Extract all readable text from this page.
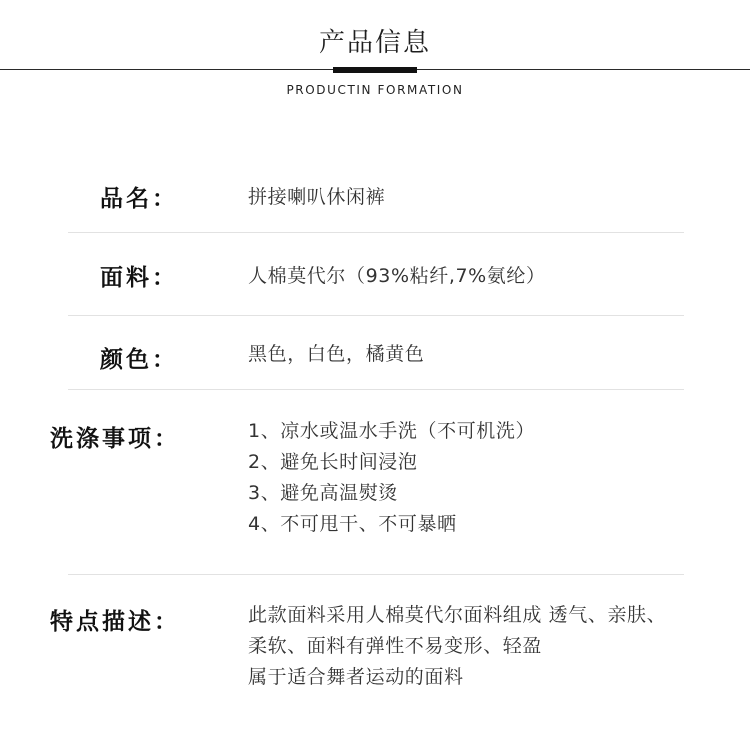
产品信息
PRODUCTIN FORMATION
品名：	拼接喇叭休闲裤
面料：	人棉莫代尔（93%粘纤,7%氨纶）
颜色：	黑色，白色，橘黄色
洗涤事项：	1、凉水或温水手洗（不可机洗）
2、避免长时间浸泡
3、避免高温熨烫
4、不可甩干、不可暴晒
特点描述：	此款面料采用人棉莫代尔面料组成 透气、亲肤、
柔软、面料有弹性不易变形、轻盈
属于适合舞者运动的面料
